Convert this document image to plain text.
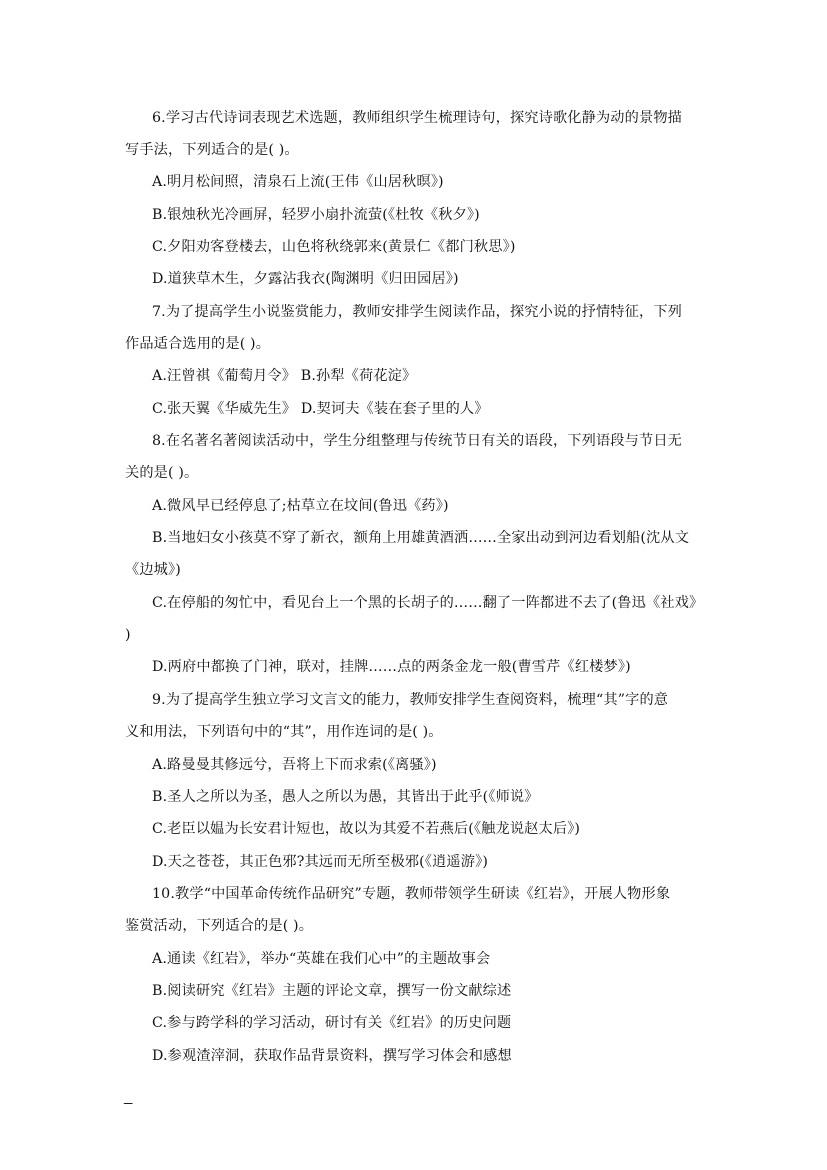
6.学习古代诗词表现艺术选题，教师组织学生梳理诗句，探究诗歌化静为动的景物描
写手法，下列适合的是( )。
A.明月松间照，清泉石上流(王伟《山居秋暝》)
B.银烛秋光冷画屏，轻罗小扇扑流萤(《杜牧《秋夕》)
C.夕阳劝客登楼去，山色将秋绕郭来(黄景仁《都门秋思》)
D.道狭草木生，夕露沾我衣(陶渊明《归田园居》)
7.为了提高学生小说鉴赏能力，教师安排学生阅读作品，探究小说的抒情特征，下列
作品适合选用的是( )。
A.汪曾祺《葡萄月令》 B.孙犁《荷花淀》
C.张天翼《华威先生》 D.契诃夫《装在套子里的人》
8.在名著名著阅读活动中，学生分组整理与传统节日有关的语段，下列语段与节日无
关的是( )。
A.微风早已经停息了;枯草立在坟间(鲁迅《药》)
B.当地妇女小孩莫不穿了新衣，额角上用雄黄酒洒……全家出动到河边看划船(沈从文
《边城》)
C.在停船的匆忙中，看见台上一个黑的长胡子的……翻了一阵都进不去了(鲁迅《社戏》
)
D.两府中都换了门神，联对，挂牌……点的两条金龙一般(曹雪芹《红楼梦》)
9.为了提高学生独立学习文言文的能力，教师安排学生查阅资料，梳理“其”字的意
义和用法，下列语句中的“其”，用作连词的是( )。
A.路曼曼其修远兮，吾将上下而求索(《离骚》)
B.圣人之所以为圣，愚人之所以为愚，其皆出于此乎(《师说》
C.老臣以媪为长安君计短也，故以为其爱不若燕后(《触龙说赵太后》)
D.天之苍苍，其正色邪?其远而无所至极邪(《逍遥游》)
10.教学“中国革命传统作品研究”专题，教师带领学生研读《红岩》，开展人物形象
鉴赏活动，下列适合的是( )。
A.通读《红岩》，举办“英雄在我们心中”的主题故事会
B.阅读研究《红岩》主题的评论文章，撰写一份文献综述
C.参与跨学科的学习活动，研讨有关《红岩》的历史问题
D.参观渣滓洞，获取作品背景资料，撰写学习体会和感想
_
